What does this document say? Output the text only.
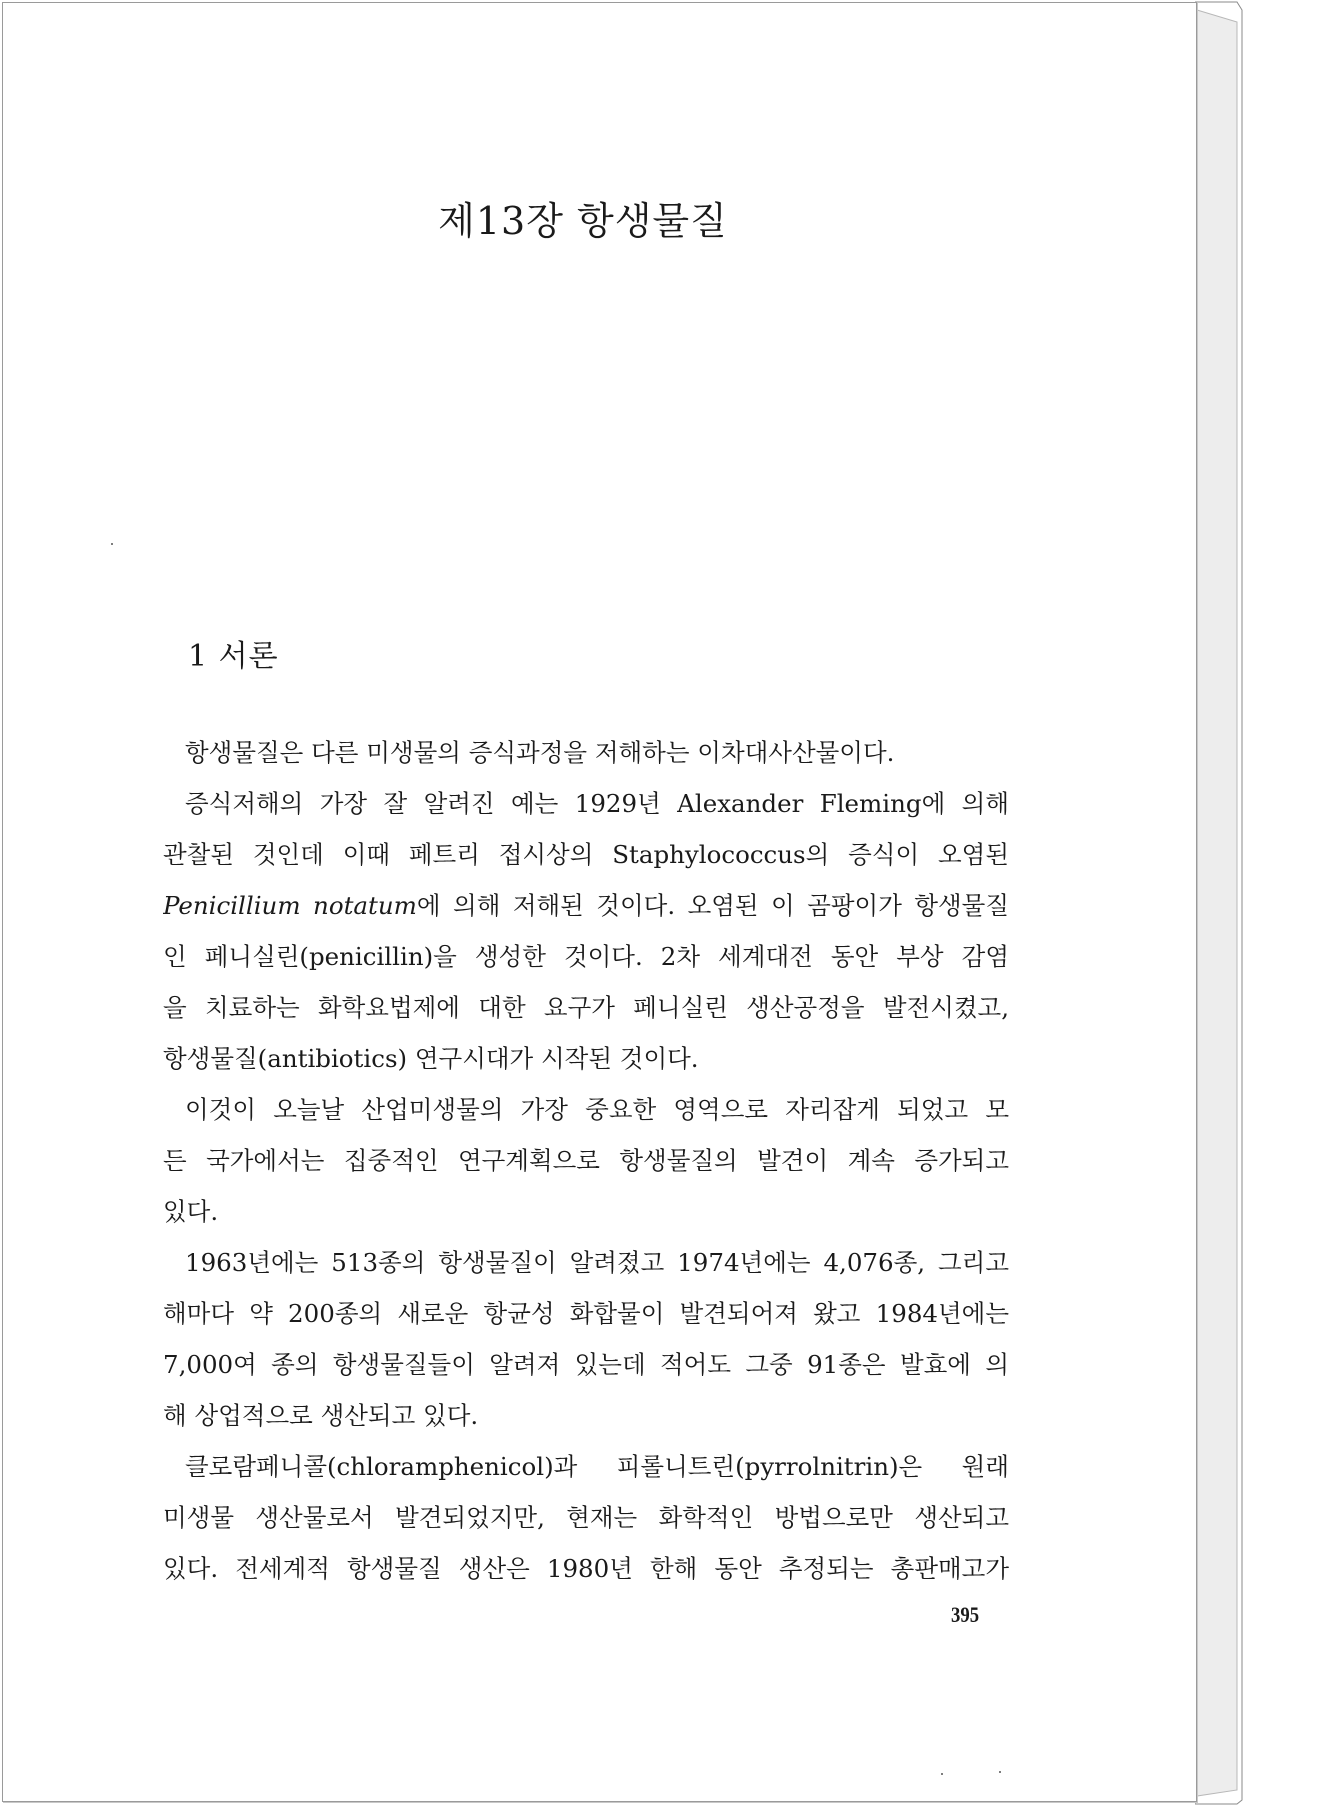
제13장 항생물질
1 서론
항생물질은 다른 미생물의 증식과정을 저해하는 이차대사산물이다.
증식저해의 가장 잘 알려진 예는 1929년 Alexander Fleming에 의해
관찰된 것인데 이때 페트리 접시상의 Staphylococcus의 증식이 오염된
Penicillium notatum에 의해 저해된 것이다. 오염된 이 곰팡이가 항생물질
인 페니실린(penicillin)을 생성한 것이다. 2차 세계대전 동안 부상 감염
을 치료하는 화학요법제에 대한 요구가 페니실린 생산공정을 발전시켰고,
항생물질(antibiotics) 연구시대가 시작된 것이다.
이것이 오늘날 산업미생물의 가장 중요한 영역으로 자리잡게 되었고 모
든 국가에서는 집중적인 연구계획으로 항생물질의 발견이 계속 증가되고
있다.
1963년에는 513종의 항생물질이 알려졌고 1974년에는 4,076종, 그리고
해마다 약 200종의 새로운 항균성 화합물이 발견되어져 왔고 1984년에는
7,000여 종의 항생물질들이 알려져 있는데 적어도 그중 91종은 발효에 의
해 상업적으로 생산되고 있다.
클로람페니콜(chloramphenicol)과 피롤니트린(pyrrolnitrin)은 원래
미생물 생산물로서 발견되었지만, 현재는 화학적인 방법으로만 생산되고
있다. 전세계적 항생물질 생산은 1980년 한해 동안 추정되는 총판매고가
395
